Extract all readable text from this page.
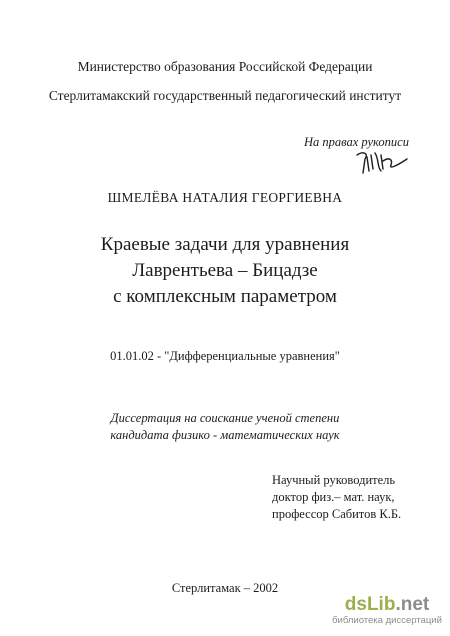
Министерство образования Российской Федерации
Стерлитамакский государственный педагогический институт
На правах рукописи
ШМЕЛЁВА НАТАЛИЯ ГЕОРГИЕВНА
Краевые задачи для уравнения
Лаврентьева – Бицадзе
с комплексным параметром
01.01.02 - "Дифференциальные уравнения"
Диссертация на соискание ученой степени
кандидата физико - математических наук
Научный руководитель
доктор физ.– мат. наук,
профессор Сабитов К.Б.
Стерлитамак – 2002
dsLib.net
библиотека диссертаций
